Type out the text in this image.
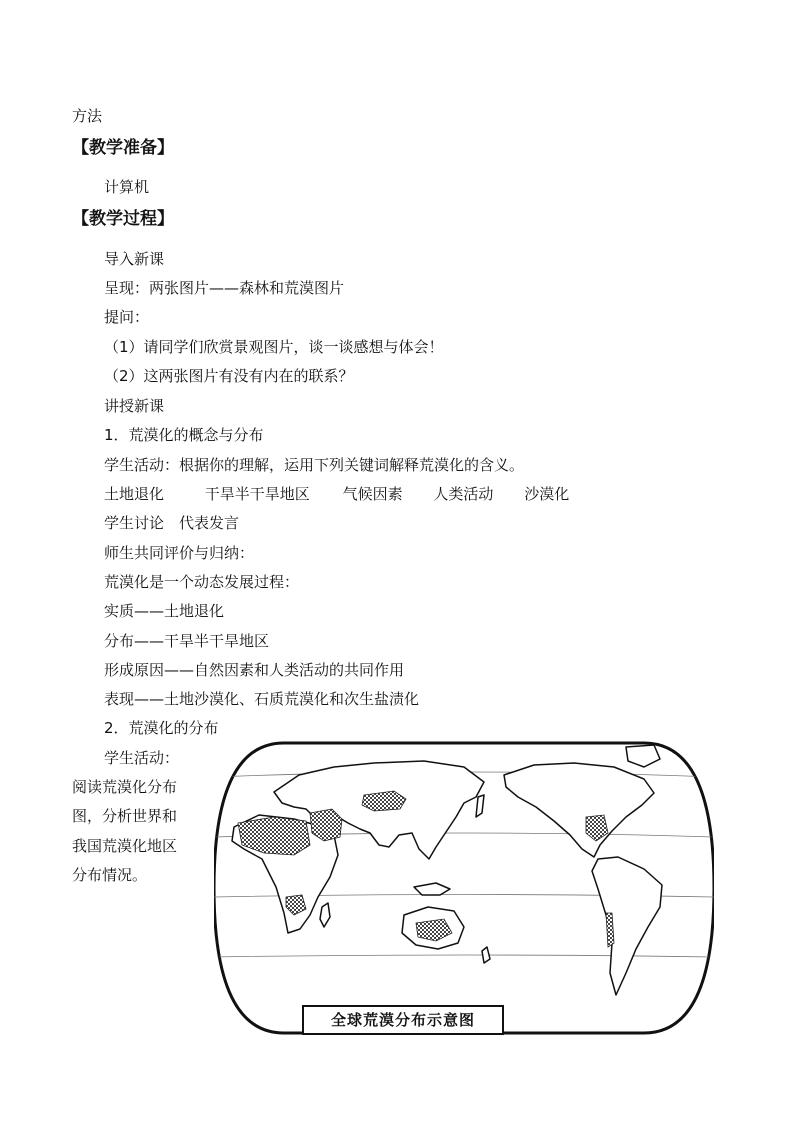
方法
【教学准备】
计算机
【教学过程】
导入新课
呈现：两张图片——森林和荒漠图片
提问：
（1）请同学们欣赏景观图片，谈一谈感想与体会！
（2）这两张图片有没有内在的联系？
讲授新课
1．荒漠化的概念与分布
学生活动：根据你的理解，运用下列关键词解释荒漠化的含义。
土地退化	干旱半干旱地区 气候因素 人类活动 沙漠化
学生讨论　代表发言
师生共同评价与归纳：
荒漠化是一个动态发展过程：
实质——土地退化
分布——干旱半干旱地区
形成原因——自然因素和人类活动的共同作用
表现——土地沙漠化、石质荒漠化和次生盐渍化
2．荒漠化的分布
学生活动：
阅读荒漠化分布
图，分析世界和
我国荒漠化地区
分布情况。
全球荒漠分布示意图
